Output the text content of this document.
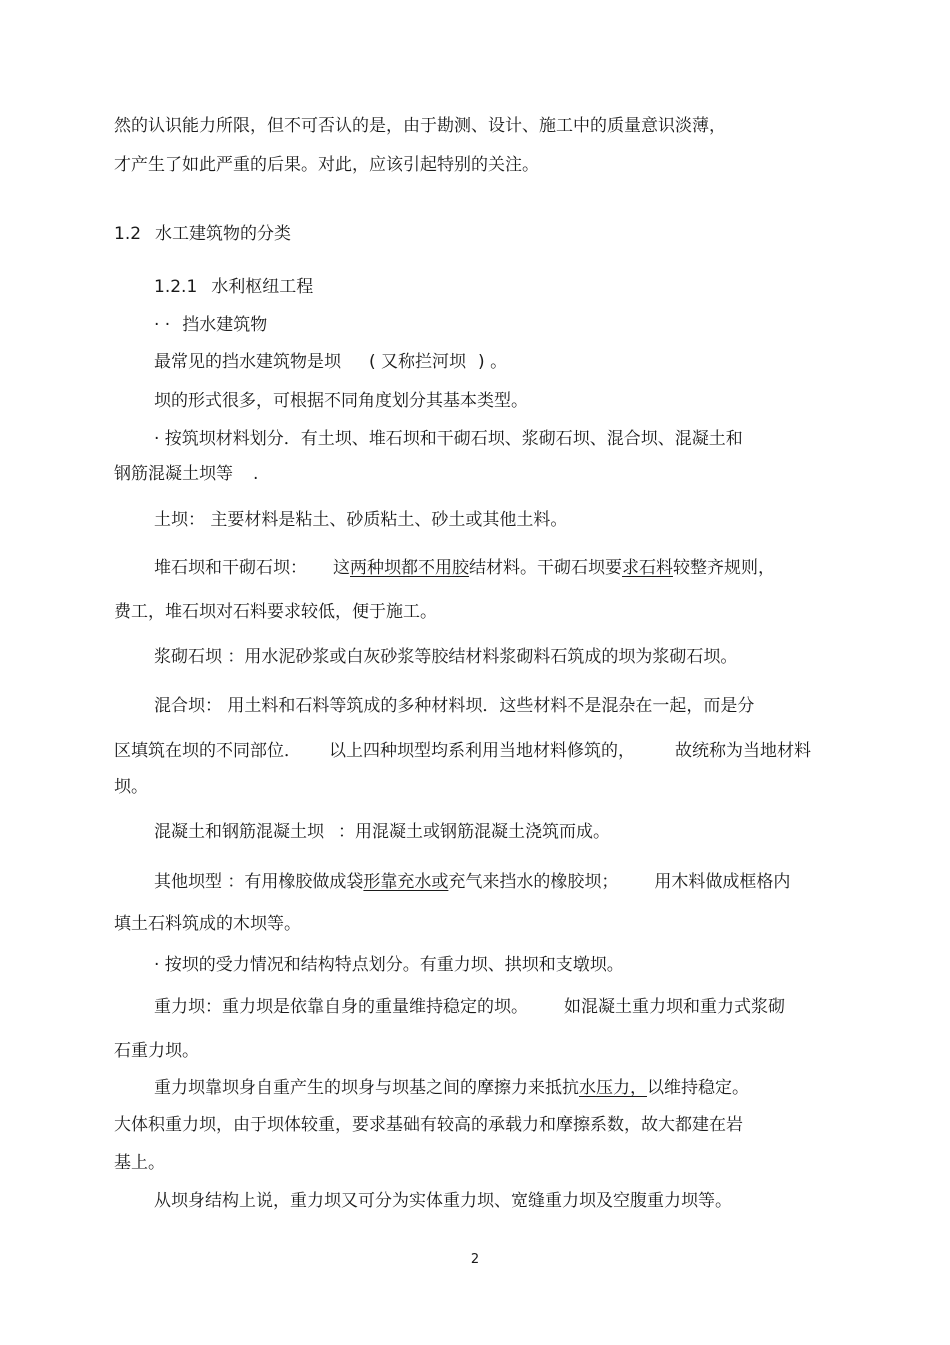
然的认识能力所限，但不可否认的是，由于勘测、设计、施工中的质量意识淡薄，
才产生了如此严重的后果。对此，应该引起特别的关注。
1.2 水工建筑物的分类
1.2.1 水利枢纽工程
· · 挡水建筑物
最常见的挡水建筑物是坝 ( 又称拦河坝 ) 。
坝的形式很多，可根据不同角度划分其基本类型。
· 按筑坝材料划分．有土坝、堆石坝和干砌石坝、浆砌石坝、混合坝、混凝土和
钢筋混凝土坝等 .
土坝： 主要材料是粘土、砂质粘土、砂土或其他土料。
堆石坝和干砌石坝： 这两种坝都不用胶结材料。干砌石坝要求石料较整齐规则，
费工，堆石坝对石料要求较低，便于施工。
浆砌石坝 ：用水泥砂浆或白灰砂浆等胶结材料浆砌料石筑成的坝为浆砌石坝。
混合坝： 用土料和石料等筑成的多种材料坝．这些材料不是混杂在一起，而是分
区填筑在坝的不同部位． 以上四种坝型均系利用当地材料修筑的， 故统称为当地材料
坝。
混凝土和钢筋混凝土坝 ：用混凝土或钢筋混凝土浇筑而成。
其他坝型 ：有用橡胶做成袋形靠充水或充气来挡水的橡胶坝； 用木料做成框格内
填土石料筑成的木坝等。
· 按坝的受力情况和结构特点划分。有重力坝、拱坝和支墩坝。
重力坝：重力坝是依靠自身的重量维持稳定的坝。 如混凝土重力坝和重力式浆砌
石重力坝。
重力坝靠坝身自重产生的坝身与坝基之间的摩擦力来抵抗水压力，以维持稳定。
大体积重力坝，由于坝体较重，要求基础有较高的承载力和摩擦系数，故大都建在岩
基上。
从坝身结构上说，重力坝又可分为实体重力坝、宽缝重力坝及空腹重力坝等。
2
